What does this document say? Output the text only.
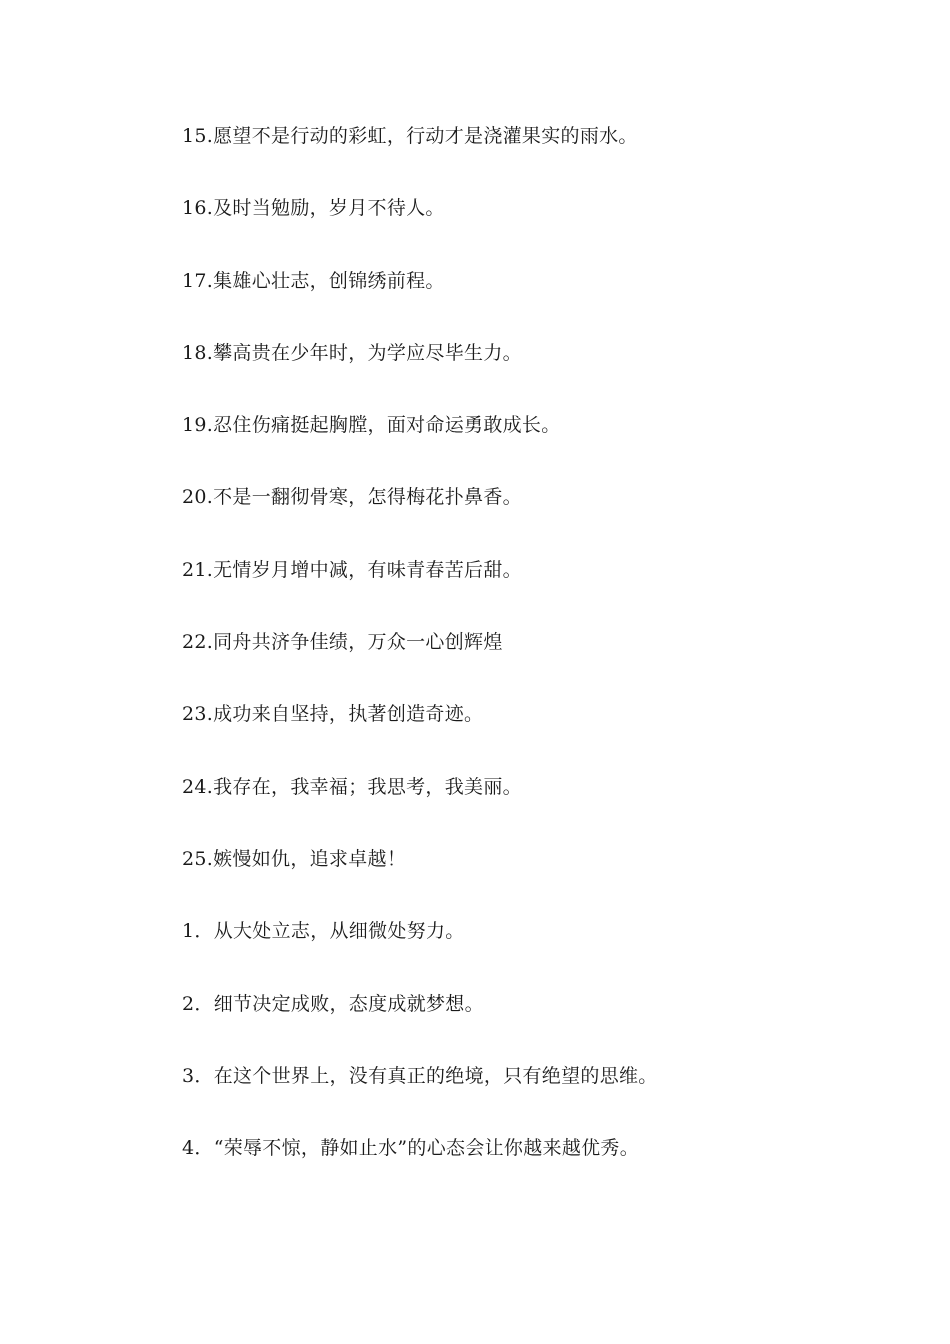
15.愿望不是行动的彩虹，行动才是浇灌果实的雨水。
16.及时当勉励，岁月不待人。
17.集雄心壮志，创锦绣前程。
18.攀高贵在少年时，为学应尽毕生力。
19.忍住伤痛挺起胸膛，面对命运勇敢成长。
20.不是一翻彻骨寒，怎得梅花扑鼻香。
21.无情岁月增中减，有味青春苦后甜。
22.同舟共济争佳绩，万众一心创辉煌
23.成功来自坚持，执著创造奇迹。
24.我存在，我幸福；我思考，我美丽。
25.嫉慢如仇，追求卓越！
1．从大处立志，从细微处努力。
2．细节决定成败，态度成就梦想。
3．在这个世界上，没有真正的绝境，只有绝望的思维。
4．“荣辱不惊，静如止水”的心态会让你越来越优秀。
